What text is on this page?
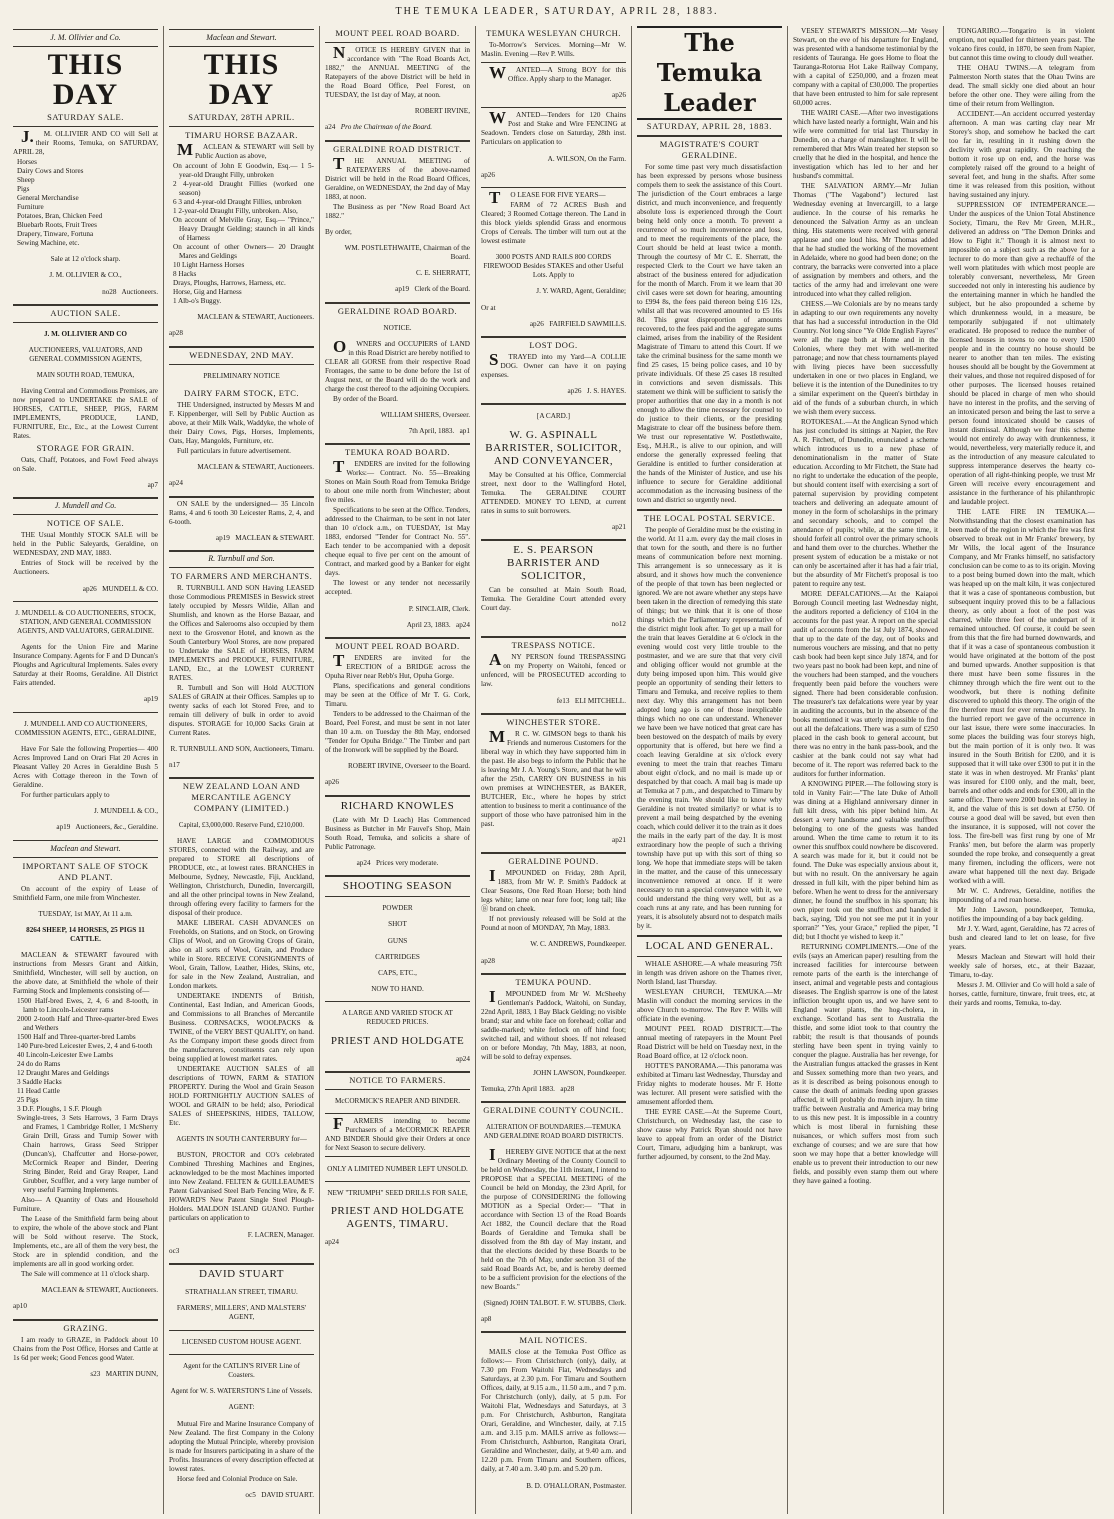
THE TEMUKA LEADER, SATURDAY, APRIL 28, 1883.
J. M. Ollivier and Co.
THIS DAY
SATURDAY SALE.

J.M. OLLIVIER AND CO will Sell at their Rooms, Temuka, on SATURDAY, APRIL 28,

Horses

Dairy Cows and Stores

Sheep

Pigs

General Merchandise

Furniture

Potatoes, Bran, Chicken Feed

Bluebarb Roots, Fruit Trees

Drapery, Tinware, Fortuna

Sewing Machine, etc.

Sale at 12 o'clock sharp.

J. M. OLLIVIER & CO.,

no28 Auctioneers.

AUCTION SALE.

J. M. OLLIVIER AND CO

AUCTIONEERS, VALUATORS, AND GENERAL COMMISSION AGENTS,

MAIN SOUTH ROAD, TEMUKA,

Having Central and Commodious Premises, are now prepared to UNDERTAKE the SALE of HORSES, CATTLE, SHEEP, PIGS, FARM IMPLEMENTS, PRODUCE, LAND, FURNITURE, Etc., Etc., at the Lowest Current Rates.

STORAGE FOR GRAIN.

Oats, Chaff, Potatoes, and Fowl Feed always on Sale.

ap7

J. Mundell and Co.
NOTICE OF SALE.

THE Usual Monthly STOCK SALE will be held in the Public Saleyards, Geraldine, on WEDNESDAY, 2ND MAY, 1883.

Entries of Stock will be received by the Auctioneers.

ap26 MUNDELL & CO.

J. MUNDELL & CO AUCTIONEERS, STOCK, STATION, AND GENERAL COMMISSION AGENTS, AND VALUATORS, GERALDINE.

Agents for the Union Fire and Marine Insurance Company. Agents for F and D Duncan's Ploughs and Agricultural Implements. Sales every Saturday at their Rooms, Geraldine. All District Fairs attended.

ap19

J. MUNDELL AND CO AUCTIONEERS, COMMISSION AGENTS, ETC., GERALDINE,

Have For Sale the following Properties— 400 Acres Improved Land on Orari Flat 20 Acres in Pleasant Valley 20 Acres in Geraldine Bush 5 Acres with Cottage thereon in the Town of Geraldine.

For further particulars apply to

J. MUNDELL & CO.,

ap19 Auctioneers, &c., Geraldine.

Maclean and Stewart.
IMPORTANT SALE OF STOCK AND PLANT.

On account of the expiry of Lease of Smithfield Farm, one mile from Winchester.

TUESDAY, 1st MAY, At 11 a.m.

8264 SHEEP, 14 HORSES, 25 PIGS 11 CATTLE.

MACLEAN & STEWART favoured with instructions from Messrs Grant and Aitkin, Smithfield, Winchester, will sell by auction, on the above date, at Smithfield the whole of their Farming Stock and Implements consisting of—

1500 Half-bred Ewes, 2, 4, 6 and 8-tooth, in lamb to Lincoln-Leicester rams

2000 2-tooth Half and Three-quarter-bred Ewes and Wethers

1500 Half and Three-quarter-bred Lambs

140 Pure-bred Leicester Ewes, 2, 4 and 6-tooth

40 Lincoln-Leicester Ewe Lambs

24 do do Rams

12 Draught Mares and Geldings

3 Saddle Hacks

11 Head Cattle

25 Pigs

3 D.F. Ploughs, 1 S.F. Plough

Swingle-trees, 3 Sets Harrows, 3 Farm Drays and Frames, 1 Cambridge Roller, 1 McSherry Grain Drill, Grass and Turnip Sower with Chain harrows, Grass Seed Stripper (Duncan's), Chaffcutter and Horse-power, McCormick Reaper and Binder, Deering String Binder, Reid and Gray Reaper, Land Grubber, Scuffler, and a very large number of very useful Farming Implements.

Also— A Quantity of Oats and Household Furniture.

The Lease of the Smithfield farm being about to expire, the whole of the above stock and Plant will be Sold without reserve. The Stock, Implements, etc., are all of them the very best, the Stock are in splendid condition, and the implements are all in good working order.

The Sale will commence at 11 o'clock sharp.

MACLEAN & STEWART, Auctioneers.

ap10

GRAZING.

I am ready to GRAZE, in Paddock about 10 Chains from the Post Office, Horses and Cattle at 1s 6d per week; Good Fences good Water.

s23 MARTIN DUNN,

Maclean and Stewart.
THIS DAY
SATURDAY, 28TH APRIL.
TIMARU HORSE BAZAAR.

MACLEAN & STEWART will Sell by Public Auction as above,

On account of John E Goodwin, Esq.— 1 5-year-old Draught Filly, unbroken

2 4-year-old Draught Fillies (worked one season)

6 3 and 4-year-old Draught Fillies, unbroken

1 2-year-old Draught Filly, unbroken. Also,

On account of Melville Gray, Esq.— "Prince," Heavy Draught Gelding; staunch in all kinds of Harness

On account of other Owners— 20 Draught Mares and Geldings

10 Light Harness Horses

8 Hacks

Drays, Ploughs, Harrows, Harness, etc.

Horse, Gig and Harness

1 Alb-o's Buggy.

MACLEAN & STEWART, Auctioneers.

ap28

WEDNESDAY, 2ND MAY.

PRELIMINARY NOTICE

DAIRY FARM STOCK, ETC.

THE Undersigned, instructed by Messrs M and F. Kippenberger, will Sell by Public Auction as above, at their Milk Walk, Waddyke, the whole of their Dairy Cows, Pigs, Horses, Implements, Oats, Hay, Mangolds, Furniture, etc.

Full particulars in future advertisement.

MACLEAN & STEWART, Auctioneers.

ap24

ON SALE by the undersigned— 35 Lincoln Rams, 4 and 6 tooth 30 Leicester Rams, 2, 4, and 6-tooth.

ap19 MACLEAN & STEWART.

R. Turnbull and Son.
TO FARMERS AND MERCHANTS.

R. TURNBULL AND SON Having LEASED those Commodious PREMISES in Beswick street lately occupied by Messrs Wildie, Allan and Shumlish, and known as the Horse Bazaar, and the Offices and Salerooms also occupied by them next to the Grosvenor Hotel, and known as the South Canterbury Wool Stores, are now prepared to Undertake the SALE of HORSES, FARM IMPLEMENTS and PRODUCE, FURNITURE, LAND, Etc., at the LOWEST CURRENT RATES.

R. Turnbull and Son will Hold AUCTION SALES of GRAIN at their Offices. Samples up to twenty sacks of each lot Stored Free, and to remain till delivery of bulk in order to avoid disputes. STORAGE for 10,000 Sacks Grain at Current Rates.

R. TURNBULL AND SON, Auctioneers, Timaru.

n17

NEW ZEALAND LOAN AND MERCANTILE AGENCY COMPANY (LIMITED.)

Capital, £3,000,000. Reserve Fund, £210,000.

HAVE LARGE and COMMODIOUS STORES, connected with the Railway, and are prepared to STORE all descriptions of PRODUCE, etc., at lowest rates. BRANCHES in Melbourne, Sydney, Newcastle, Fiji, Auckland, Wellington, Christchurch, Dunedin, Invercargill, and all the other principal towns in New Zealand, through offering every facility to farmers for the disposal of their produce.

MAKE LIBERAL CASH ADVANCES on Freeholds, on Stations, and on Stock, on Growing Clips of Wool, and on Growing Crops of Grain, also on all sorts of Wool, Grain, and Produce while in Store. RECEIVE CONSIGNMENTS of Wool, Grain, Tallow, Leather, Hides, Skins, etc, for sale in the New Zealand, Australian, and London markets.

UNDERTAKE INDENTS of British, Continental, East Indian, and American Goods, and Commissions to all Branches of Mercantile Business. CORNSACKS, WOOLPACKS & TWINE, of the VERY BEST QUALITY, on hand. As the Company import these goods direct from the manufacturers, constituents can rely upon being supplied at lowest market rates.

UNDERTAKE AUCTION SALES of all descriptions of TOWN, FARM & STATION PROPERTY. During the Wool and Grain Season HOLD FORTNIGHTLY AUCTION SALES of WOOL and GRAIN to be held; also, Periodical SALES of SHEEPSKINS, HIDES, TALLOW, Etc.

AGENTS IN SOUTH CANTERBURY for—

BUSTON, PROCTOR and CO's celebrated Combined Threshing Machines and Engines, acknowledged to be the most Machines imported into New Zealand. FELTEN & GUILLEAUME'S Patent Galvanised Steel Barb Fencing Wire, & F. HOWARD'S New Patent Single Steel Plough-Holders. MALDON ISLAND GUANO. Further particulars on application to

F. LACREN, Manager.

oc3

DAVID STUART

STRATHALLAN STREET, TIMARU.

FARMERS', MILLERS', AND MALSTERS' AGENT,

LICENSED CUSTOM HOUSE AGENT.

Agent for the CATLIN'S RIVER Line of Coasters.

Agent for W. S. WATERSTON'S Line of Vessels.

AGENT:

Mutual Fire and Marine Insurance Company of New Zealand. The first Company in the Colony adopting the Mutual Principle, whereby provision is made for Insurers participating in a share of the Profits. Insurances of every description effected at lowest rates.

Horse feed and Colonial Produce on Sale.

oc5 DAVID STUART.

MOUNT PEEL ROAD BOARD.

NOTICE IS HEREBY GIVEN that in accordance with "The Road Boards Act, 1882," the ANNUAL MEETING of the Ratepayers of the above District will be held in the Road Board Office, Peel Forest, on TUESDAY, the 1st day of May, at noon.

ROBERT IRVINE,

a24 Pro the Chairman of the Board.

GERALDINE ROAD DISTRICT.

THE ANNUAL MEETING of RATEPAYERS of the above-named District will be held in the Road Board Offices, Geraldine, on WEDNESDAY, the 2nd day of May 1883, at noon.

The Business as per "New Road Board Act 1882."

By order,

WM. POSTLETHWAITE, Chairman of the Board.

C. E. SHERRATT,

ap19 Clerk of the Board.

GERALDINE ROAD BOARD.

NOTICE.

OWNERS and OCCUPIERS of LAND in this Road District are hereby notified to CLEAR all GORSE from their respective Road Frontages, the same to be done before the 1st of August next, or the Board will do the work and charge the cost thereof to the adjoining Occupiers.

By order of the Board.

WILLIAM SHIERS, Overseer.

7th April, 1883. ap1

TEMUKA ROAD BOARD.

TENDERS are invited for the following Works:— Contract. No. 55—Breaking Stones on Main South Road from Temuka Bridge to about one mile north from Winchester; about five miles.

Specifications to be seen at the Office. Tenders, addressed to the Chairman, to be sent in not later than 10 o'clock a.m., on TUESDAY, 1st May 1883, endorsed "Tender for Contract No. 55". Each tender to be accompanied with a deposit cheque equal to five per cent on the amount of Contract, and marked good by a Banker for eight days.

The lowest or any tender not necessarily accepted.

P. SINCLAIR, Clerk.

April 23, 1883. ap24

MOUNT PEEL ROAD BOARD.

TENDERS are invited for the ERECTION of a BRIDGE across the Opuha River near Rebb's Hut, Opuha Gorge.

Plans, specifications and general conditions may be seen at the Office of Mr T. G. Cork, Timaru.

Tenders to be addressed to the Chairman of the Board, Peel Forest, and must be sent in not later than 10 a.m. on Tuesday the 8th May, endorsed "Tender for Opuha Bridge." The Timber and part of the Ironwork will be supplied by the Board.

ROBERT IRVINE, Overseer to the Board.

ap26

RICHARD KNOWLES

(Late with Mr D Leach) Has Commenced Business as Butcher in Mr Fauvel's Shop, Main South Road, Temuka, and solicits a share of Public Patronage.

ap24 Prices very moderate.

SHOOTING SEASON

POWDER

SHOT

GUNS

CARTRIDGES

CAPS, ETC.,

NOW TO HAND.

A LARGE AND VARIED STOCK AT REDUCED PRICES.

PRIEST AND HOLDGATE

ap24

NOTICE TO FARMERS.

McCORMICK'S REAPER AND BINDER.

FARMERS intending to become Purchasers of a McCORMICK REAPER AND BINDER Should give their Orders at once for Next Season to secure delivery.

ONLY A LIMITED NUMBER LEFT UNSOLD.

NEW "TRIUMPH" SEED DRILLS FOR SALE,

PRIEST AND HOLDGATE AGENTS, TIMARU.

ap24

TEMUKA WESLEYAN CHURCH.

To-Morrow's Services. Morning—Mr W. Maslin. Evening —Rev P. Wills.

WANTED—A Strong BOY for this Office. Apply sharp to the Manager.

ap26

WANTED—Tenders for 120 Chains Post and Stake and Wire FENCING at Seadown. Tenders close on Saturday, 28th inst. Particulars on application to

A. WILSON, On the Farm.

ap26

TO LEASE FOR FIVE YEARS—

FARM of 72 ACRES Bush and Cleared; 3 Roomed Cottage thereon. The Land in this block yields splendid Grass and enormous Crops of Cereals. The timber will turn out at the lowest estimate

3000 POSTS AND RAILS 800 CORDS FIREWOOD Besides STAKES and other Useful Lots. Apply to

J. Y. WARD, Agent, Geraldine;

Or at

ap26 FAIRFIELD SAWMILLS.

LOST DOG.

STRAYED into my Yard—A COLLIE DOG. Owner can have it on paying expenses.

ap26 J. S. HAYES.

[A CARD.]

W. G. ASPINALL BARRISTER, SOLICITOR, AND CONVEYANCER,

May be Consulted at his Office, Commercial street, next door to the Wallingford Hotel, Temuka. The GERALDINE COURT ATTENDED. MONEY TO LEND, at current rates in sums to suit borrowers.

ap21

E. S. PEARSON BARRISTER AND SOLICITOR,

Can be consulted at Main South Road, Temuka. The Geraldine Court attended every Court day.

no12

TRESPASS NOTICE.

ANY PERSON found TRESPASSING on my Property on Waitohi, fenced or unfenced, will be PROSECUTED according to law.

fe13 ELI MITCHELL.

WINCHESTER STORE.

MR C. W. GIMSON begs to thank his Friends and numerous Customers for the liberal way in which they have supported him in the past. He also begs to inform the Public that he is leaving Mr J. A. Young's Store, and that he will after the 25th, CARRY ON BUSINESS in his own premises at WINCHESTER, as BAKER, BUTCHER, Etc., where he hopes by strict attention to business to merit a continuance of the support of those who have patronised him in the past.

ap21

GERALDINE POUND.

IMPOUNDED on Friday, 28th April, 1883, from Mr W. P. Smith's Paddock at Clear Seasons, One Red Roan Horse; both hind legs white; lame on near fore foot; long tail; like Ⓑ brand on cheek.

If not previously released will be Sold at the Pound at noon of MONDAY, 7th May, 1883.

W. C. ANDREWS, Poundkeeper.

ap28

TEMUKA POUND.

IMPOUNDED from Mr W. McSheehy Gentleman's Paddock, Waitohi, on Sunday, 22nd April, 1883, 1 Bay Black Gelding; no visible brand; star and white face on forehead; collar and saddle-marked; white fetlock on off hind foot; switched tail, and without shoes. If not released on or before Monday, 7th May, 1883, at noon, will be sold to defray expenses.

JOHN LAWSON, Poundkeeper.

Temuka, 27th April 1883. ap28

GERALDINE COUNTY COUNCIL.

ALTERATION OF BOUNDARIES.—TEMUKA AND GERALDINE ROAD BOARD DISTRICTS.

IHEREBY GIVE NOTICE that at the next Ordinary Meeting of the County Council to be held on Wednesday, the 11th instant, I intend to PROPOSE that a SPECIAL MEETING of the Council be held on Monday, the 23rd April, for the purpose of CONSIDERING the following MOTION as a Special Order:— "That in accordance with Section 13 of the Road Boards Act 1882, the Council declare that the Road Boards of Geraldine and Temuka shall be dissolved from the 8th day of May instant, and that the elections decided by these Boards to be held on the 7th of May, under section 31 of the said Road Boards Act, be, and is hereby deemed to be a sufficient provision for the elections of the new Boards."

(Signed) JOHN TALBOT. F. W. STUBBS, Clerk.

ap8

MAIL NOTICES.

MAILS close at the Temuka Post Office as follows:— From Christchurch (only), daily, at 7.30 pm From Waitohi Flat, Wednesdays and Saturdays, at 2.30 p.m. For Timaru and Southern Offices, daily, at 9.15 a.m., 11.50 a.m., and 7 p.m. For Christchurch (only), daily, at 5 p.m. For Waitohi Flat, Wednesdays and Saturdays, at 3 p.m. For Christchurch, Ashburton, Rangitata Orari, Geraldine, and Winchester, daily, at 7.15 a.m. and 3.15 p.m. MAILS arrive as follows:— From Christchurch, Ashburton, Rangitata Orari, Geraldine and Winchester, daily, at 9.40 a.m. and 12.20 p.m. From Timaru and Southern offices, daily, at 7.40 a.m. 3.40 p.m. and 5.20 p.m.

B. D. O'HALLORAN, Postmaster.

The Temuka Leader
SATURDAY, APRIL 28, 1883.
MAGISTRATE'S COURT GERALDINE.

For some time past very much dissatisfaction has been expressed by persons whose business compels them to seek the assistance of this Court. The jurisdiction of the Court embraces a large district, and much inconvenience, and frequently absolute loss is experienced through the Court being held only once a month. To prevent a recurrence of so much inconvenience and loss, and to meet the requirements of the place, the Court should be held at least twice a month. Through the courtesy of Mr C. E. Sherratt, the respected Clerk to the Court we have taken an abstract of the business entered for adjudication for the month of March. From it we learn that 30 civil cases were set down for hearing, amounting to £994 8s, the fees paid thereon being £16 12s, whilst all that was recovered amounted to £5 16s 8d. This great disproportion of amounts recovered, to the fees paid and the aggregate sums claimed, arises from the inability of the Resident Magistrate of Timaru to attend this Court. If we take the criminal business for the same month we find 25 cases, 15 being police cases, and 10 by private individuals. Of these 25 cases 18 resulted in convictions and seven dismissals. This statement we think will be sufficient to satisfy the proper authorities that one day in a month is not enough to allow the time necessary for counsel to do justice to their clients, or the presiding Magistrate to clear off the business before them. We trust our representative W. Postlethwaite, Esq., M.H.R., is alive to our opinion, and will endorse the generally expressed feeling that Geraldine is entitled to further consideration at the hands of the Minister of Justice, and use his influence to secure for Geraldine additional accommodation as the increasing business of the town and district so urgently need.

THE LOCAL POSTAL SERVICE.

The people of Geraldine must be the existing in the world. At 11 a.m. every day the mail closes in that town for the south, and there is no further means of communication before next morning. This arrangement is so unnecessary as it is absurd, and it shows how much the convenience of the people of that town has been neglected or ignored. We are not aware whether any steps have been taken in the direction of remedying this state of things; but we think that it is one of those things which the Parliamentary representative of the district might look after. To get up a mail for the train that leaves Geraldine at 6 o'clock in the evening would cost very little trouble to the postmaster, and we are sure that that very civil and obliging officer would not grumble at the duty being imposed upon him. This would give people an opportunity of sending their letters to Timaru and Temuka, and receive replies to them next day. Why this arrangement has not been adopted long ago is one of those inexplicable things which no one can understand. Whenever we have been we have noticed that great care has been bestowed on the despatch of mails by every opportunity that is offered, but here we find a coach leaving Geraldine at six o'clock every evening to meet the train that reaches Timaru about eight o'clock, and no mail is made up or despatched by that coach. A mail bag is made up at Temuka at 7 p.m., and despatched to Timaru by the evening train. We should like to know why Geraldine is not treated similarly? or what is to prevent a mail being despatched by the evening coach, which could deliver it to the train as it does the mails in the early part of the day. It is most extraordinary how the people of such a thriving township have put up with this sort of thing so long. We hope that immediate steps will be taken in the matter, and the cause of this unnecessary inconvenience removed at once. If it were necessary to run a special conveyance with it, we could understand the thing very well, but as a coach runs at any rate, and has been running for years, it is absolutely absurd not to despatch mails by it.

LOCAL AND GENERAL.

WHALE ASHORE.—A whale measuring 75ft in length was driven ashore on the Thames river, North Island, last Thursday.

WESLEYAN CHURCH, TEMUKA.—Mr Maslin will conduct the morning services in the above Church to-morrow. The Rev P. Wills will officiate in the evening.

MOUNT PEEL ROAD DISTRICT.—The annual meeting of ratepayers in the Mount Peel Road District will be held on Tuesday next, in the Road Board office, at 12 o'clock noon.

HOTTE'S PANORAMA.—This panorama was exhibited at Timaru last Wednesday, Thursday and Friday nights to moderate houses. Mr F. Hotte was lecturer. All present were satisfied with the amusement afforded them.

THE EYRE CASE.—At the Supreme Court, Christchurch, on Wednesday last, the case to show cause why Patrick Ryan should not have leave to appeal from an order of the District Court, Timaru, adjudging him a bankrupt, was further adjourned, by consent, to the 2nd May.

VESEY STEWART'S MISSION.—Mr Vesey Stewart, on the eve of his departure for England, was presented with a handsome testimonial by the residents of Tauranga. He goes Home to float the Tauranga-Rotorua Hot Lake Railway Company, with a capital of £250,000, and a frozen meat company with a capital of £30,000. The properties that have been entrusted to him for sale represent 60,000 acres.

THE WAIRI CASE.—After two investigations which have lasted nearly a fortnight, Wain and his wife were committed for trial last Thursday in Dunedin, on a charge of manslaughter. It will be remembered that Mrs Wain treated her stepson so cruelly that he died in the hospital, and hence the investigation which has led to her and her husband's committal.

THE SALVATION ARMY.—Mr Julian Thomas ("The Vagabond") lectured last Wednesday evening at Invercargill, to a large audience. In the course of his remarks he denounced the Salvation Army as an unclean thing. His statements were received with general applause and one loud hiss. Mr Thomas added that he had studied the working of the movement in Adelaide, where no good had been done; on the contrary, the barracks were converted into a place of assignation by members and others, and the tactics of the army had and irrelevant one were introduced into what they called religion.

CHESS.—We Colonials are by no means tardy in adapting to our own requirements any novelty that has had a successful introduction in the Old Country. Not long since "Ye Olde English Fayres" were all the rage both at Home and in the Colonies, where they met with well-merited patronage; and now that chess tournaments played with living pieces have been successfully undertaken in one or two places in England, we believe it is the intention of the Dunedinites to try a similar experiment on the Queen's birthday in aid of the funds of a suburban church, in which we wish them every success.

ROTOKESAL.—At the Anglican Synod which has just concluded its sittings at Napier, the Rev A. R. Fitchett, of Dunedin, enunciated a scheme which introduces us to a new phase of denominationalism in the matter of State education. According to Mr Fitchett, the State had no right to undertake the education of the people, but should content itself with exercising a sort of paternal supervision by providing competent teachers and delivering an adequate amount of money in the form of scholarships in the primary and secondary schools, and to compel the attendance of pupils; while, at the same time, it should forfeit all control over the primary schools and hand them over to the churches. Whether the present system of education be a mistake or not can only be ascertained after it has had a fair trial, but the absurdity of Mr Fitchett's proposal is too patent to require any test.

MORE DEFALCATIONS.—At the Kaiapoi Borough Council meeting last Wednesday night, the auditors reported a deficiency of £104 in the accounts for the past year. A report on the special audit of accounts from the 1st July 1874, showed that up to the date of the day, out of books and numerous vouchers are missing, and that no petty cash book had been kept since July 1874, and for two years past no book had been kept, and nine of the vouchers had been stamped, and the vouchers frequently been paid before the vouchers were signed. There had been considerable confusion. The treasurer's tax defalcations were year by year in auditing the accounts, but in the absence of the books mentioned it was utterly impossible to find out all the defalcations. There was a sum of £250 placed in the cash book to general account, but there was no entry in the bank pass-book, and the cashier at the bank could not say what had become of it. The report was referred back to the auditors for further information.

A KNOWING PIPER.—The following story is told in Vanity Fair:—"The late Duke of Atholl was dining at a Highland anniversary dinner in full kilt dress, with his piper behind him. At dessert a very handsome and valuable snuffbox belonging to one of the guests was handed around. When the time came to return it to its owner this snuffbox could nowhere be discovered. A search was made for it, but it could not be found. The Duke was especially anxious about it, but with no result. On the anniversary he again dressed in full kilt, with the piper behind him as before. When he went to dress for the anniversary dinner, he found the snuffbox in his sporran; his own piper took out the snuffbox and handed it back, saying, 'Did you not see me put it in your sporran?' "Yes, your Grace," replied the piper, "I did; but I thocht ye wished to keep it."

RETURNING COMPLIMENTS.—One of the evils (says an American paper) resulting from the increased facilities for intercourse between remote parts of the earth is the interchange of insect, animal and vegetable pests and contagious diseases. The English sparrow is one of the latest infliction brought upon us, and we have sent to England water plants, the hog-cholera, in exchange. Scotland has sent to Australia the thistle, and some idiot took to that country the rabbit; the result is that thousands of pounds sterling have been spent in trying vainly to conquer the plague. Australia has her revenge, for the Australian fungus attacked the grasses in Kent and Sussex something more than two years, and as it is described as being poisonous enough to cause the death of animals feeding upon grasses affected, it will probably do much injury. In time traffic between Australia and America may bring to us this new pest. It is impossible in a country which is most liberal in furnishing these nuisances, or which suffers most from such exchange of courses; and we are sure that how soon we may hope that a better knowledge will enable us to prevent their introduction to our new fields, and possibly even stamp them out where they have gained a footing.

TONGARIRO.—Tongariro is in violent eruption, not equalled for thirteen years past. The volcano fires could, in 1870, be seen from Napier, but cannot this time owing to cloudy dull weather.

THE OHAU TWINS.—A telegram from Palmerston North states that the Ohau Twins are dead. The small sickly one died about an hour before the other one. They were ailing from the time of their return from Wellington.

ACCIDENT.—An accident occurred yesterday afternoon. A man was carting clay near Mr Storey's shop, and somehow he backed the cart too far in, resulting in it rushing down the declivity with great rapidity. On reaching the bottom it rose up on end, and the horse was completely raised off the ground to a height of several feet, and hung in the shafts. After some time it was released from this position, without having sustained any injury.

SUPPRESSION OF INTEMPERANCE.—Under the auspices of the Union Total Abstinence Society, Timaru, the Rev Mr Green, M.H.R., delivered an address on "The Demon Drinks and How to Fight it." Though it is almost next to impossible on a subject such as the above for a lecturer to do more than give a rechauffé of the well worn platitudes with which most people are tolerably conversant, nevertheless, Mr Green succeeded not only in interesting his audience by the entertaining manner in which he handled the subject, but he also propounded a scheme by which drunkenness would, in a measure, be temporarily subjugated if not ultimately eradicated. He proposed to reduce the number of licensed houses in towns to one to every 1500 people and in the country no house should be nearer to another than ten miles. The existing houses should all be bought by the Government at their values, and those not required disposed of for other purposes. The licensed houses retained should be placed in charge of men who should have no interest in the profits, and the serving of an intoxicated person and being the last to serve a person found intoxicated should be causes of instant dismissal. Although we fear this scheme would not entirely do away with drunkenness, it would, nevertheless, very materially reduce it, and as the introduction of any measure calculated to suppress intemperance deserves the hearty co-operation of all right-thinking people, we trust Mr Green will receive every encouragement and assistance in the furtherance of his philanthropic and laudable project.

THE LATE FIRE IN TEMUKA.—Notwithstanding that the closest examination has been made of the region in which the fire was first observed to break out in Mr Franks' brewery, by Mr Wills, the local agent of the Insurance Company, and Mr Franks himself, no satisfactory conclusion can be come to as to its origin. Moving to a post being burned down into the malt, which was heaped up on the malt kiln, it was conjectured that it was a case of spontaneous combustion, but subsequent inquiry proved this to be a fallacious theory, as only about a foot of the post was charred, while three feet of the underpart of it remained untouched. Of course, it could be seen from this that the fire had burned downwards, and that if it was a case of spontaneous combustion it would have originated at the bottom of the post and burned upwards. Another supposition is that there must have been some fissures in the chimney through which the fire went out to the woodwork, but there is nothing definite discovered to uphold this theory. The origin of the fire therefore must for ever remain a mystery. In the hurried report we gave of the occurrence in our last issue, there were some inaccuracies. In some places the building was four storeys high, but the main portion of it is only two. It was insured in the South British for £200, and it is supposed that it will take over £300 to put it in the state it was in when destroyed. Mr Franks' plant was insured for £100 only, and the malt, beer, barrels and other odds and ends for £300, all in the same office. There were 2000 bushels of barley in it, and the value of this is set down at £750. Of course a good deal will be saved, but even then the insurance, it is supposed, will not cover the loss. The fire-bell was first rung by one of Mr Franks' men, but before the alarm was properly sounded the rope broke, and consequently a great many firemen, including the officers, were not aware what happened till the next day. Brigade worked with a will.

Mr W. C. Andrews, Geraldine, notifies the impounding of a red roan horse.

Mr John Lawson, poundkeeper, Temuka, notifies the impounding of a bay back gelding.

Mr J. Y. Ward, agent, Geraldine, has 72 acres of bush and cleared land to let on lease, for five years.

Messrs Maclean and Stewart will hold their weekly sale of horses, etc., at their Bazaar, Timaru, to-day.

Messrs J. M. Ollivier and Co will hold a sale of horses, cattle, furniture, tinware, fruit trees, etc, at their yards and rooms, Temuka, to-day.
